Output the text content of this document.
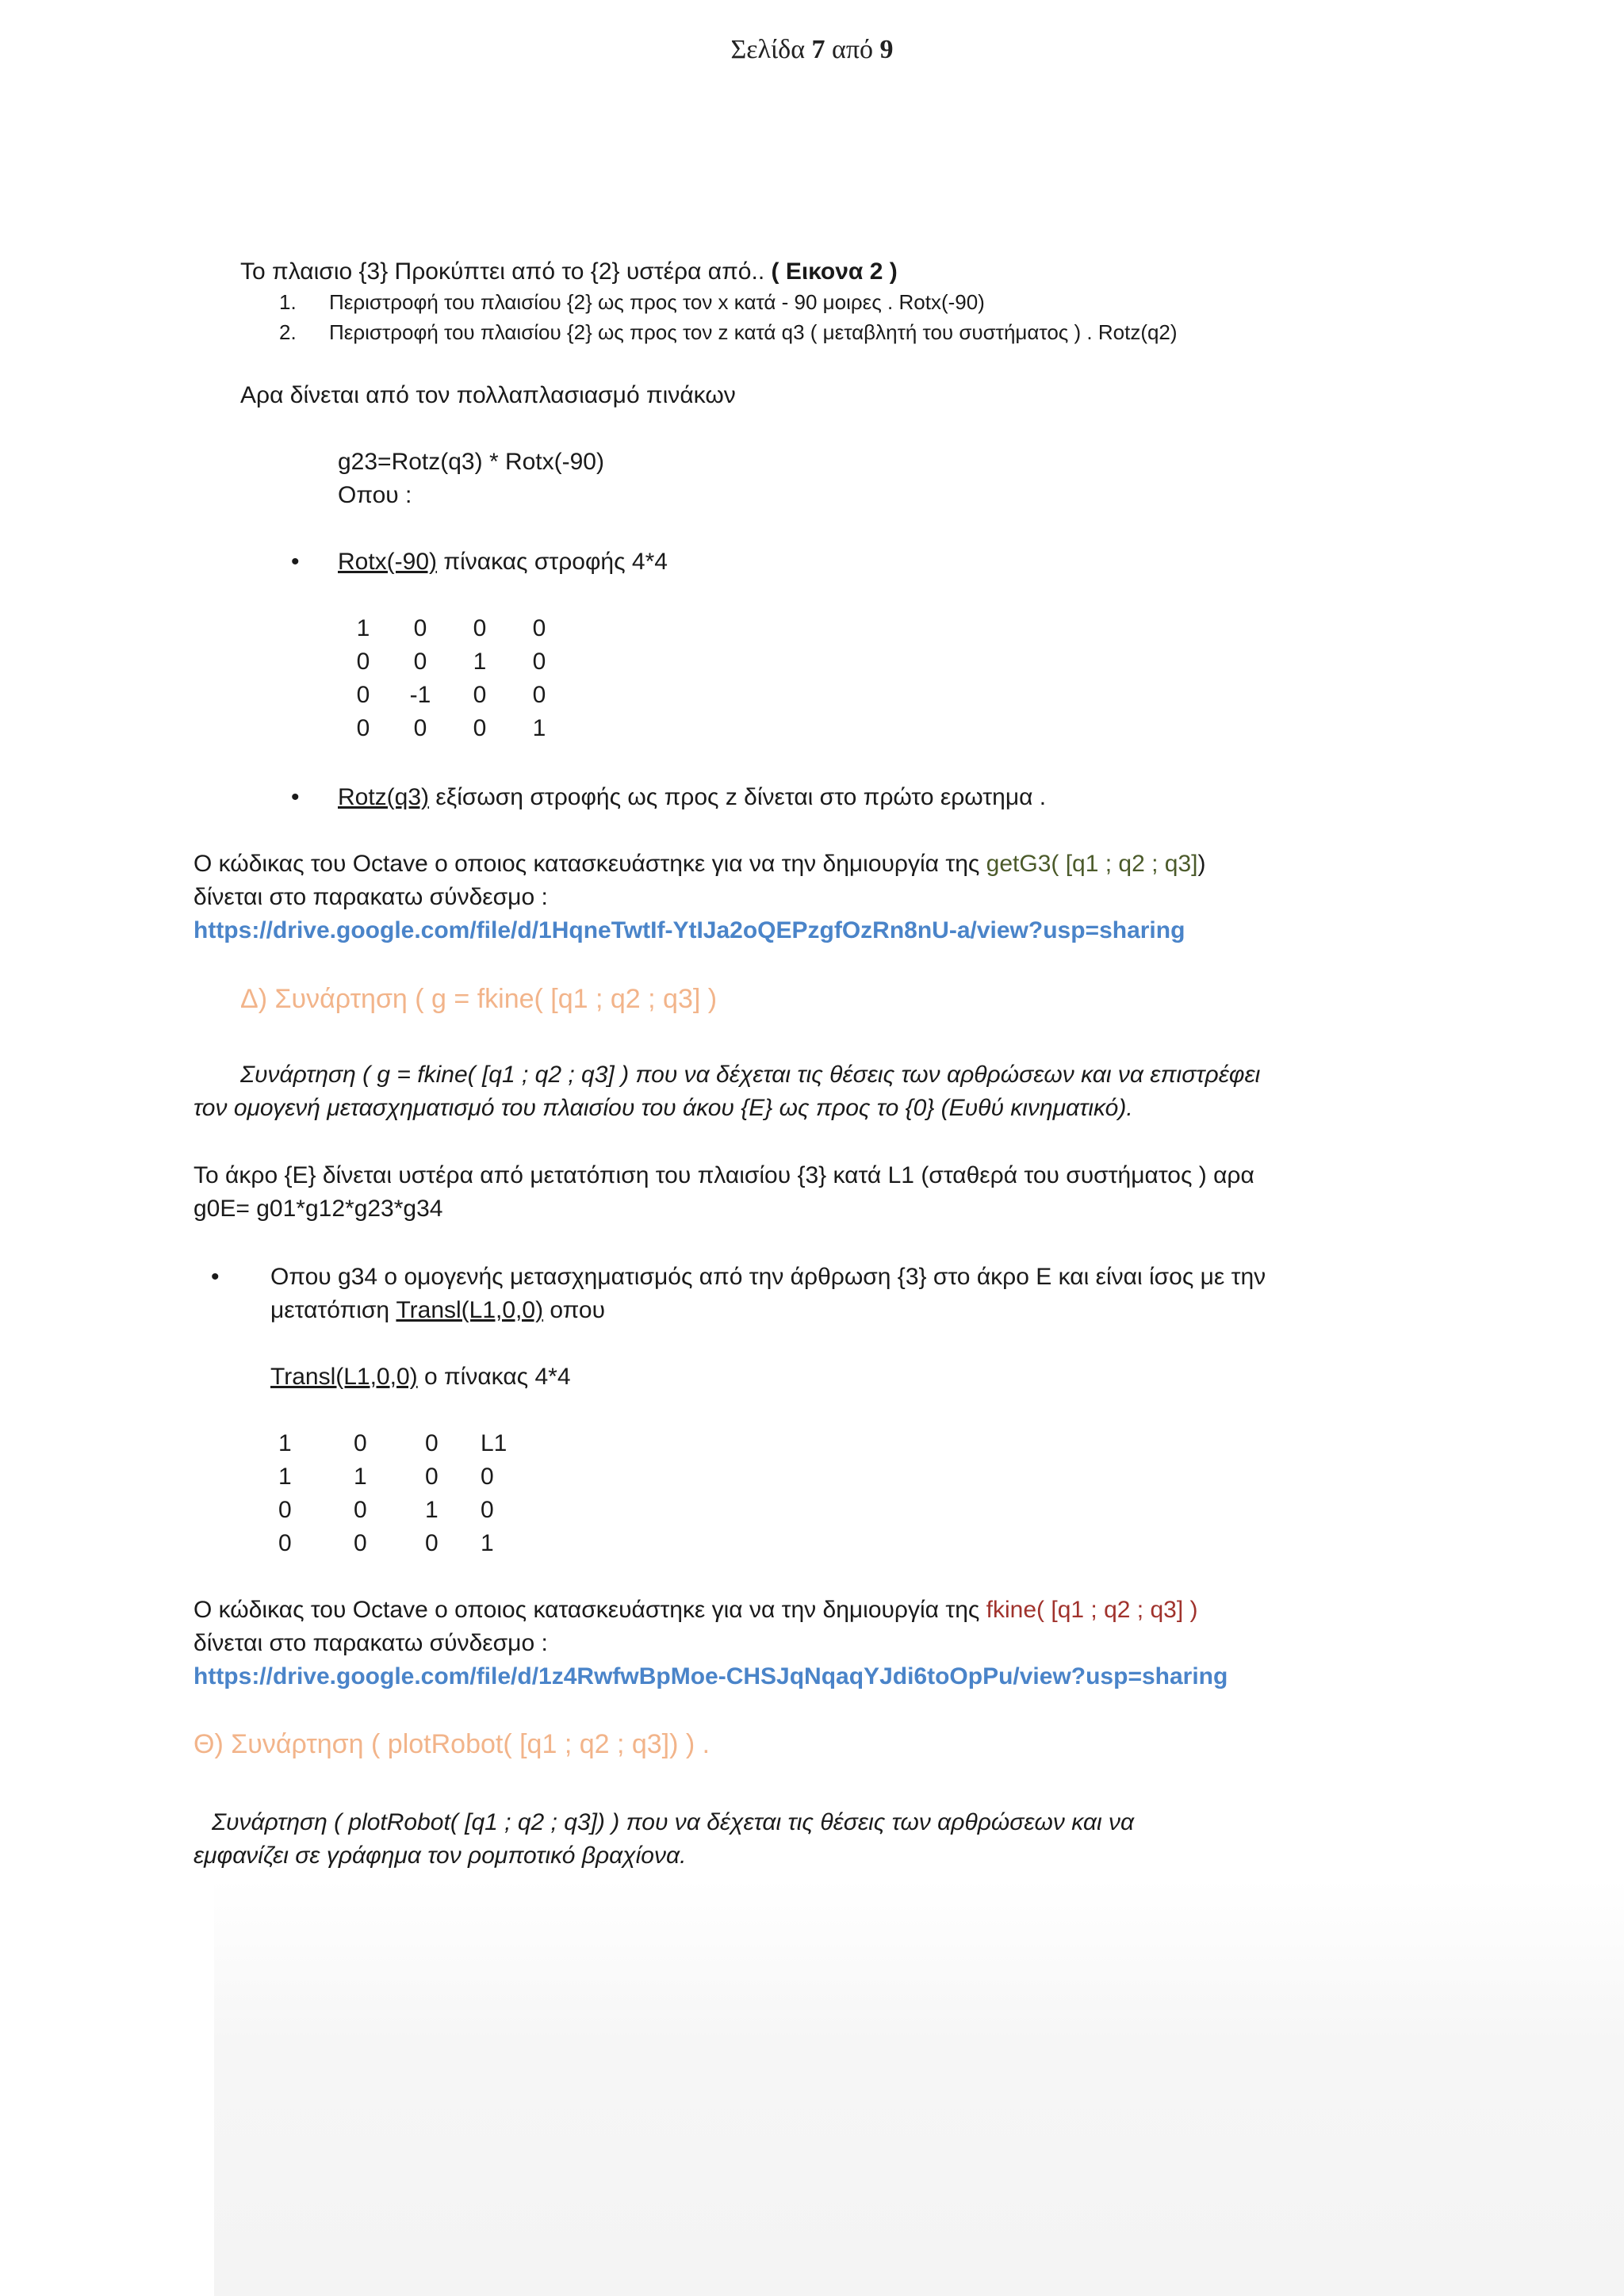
Σελίδα 7 από 9
Το πλαισιο {3} Προκύπτει από το {2} υστέρα από.. ( Εικονα 2 )
1. Περιστροφή του πλαισίου {2} ως προς τον x κατά - 90 μοιρες . Rotx(-90)
2. Περιστροφή του πλαισίου {2} ως προς τον z κατά q3 ( μεταβλητή του συστήματος ) . Rotz(q2)
Αρα δίνεται από τον πολλαπλασιασμό πινάκων
g23=Rotz(q3) * Rotx(-90)
Οπου :
• Rotx(-90) πίνακας στροφής 4*4
1	0	0	0
0	0	1	0
0	-1	0	0
0	0	0	1
• Rotz(q3) εξίσωση στροφής ως προς z δίνεται στο πρώτο ερωτημα .
Ο κώδικας του Octave ο οποιος κατασκευάστηκε για να την δημιουργία της getG3( [q1 ; q2 ; q3])
δίνεται στο παρακατω σύνδεσμο :
https://drive.google.com/file/d/1HqneTwtIf-YtIJa2oQEPzgfOzRn8nU-a/view?usp=sharing
Δ) Συνάρτηση ( g = fkine( [q1 ; q2 ; q3] )
Συνάρτηση ( g = fkine( [q1 ; q2 ; q3] ) που να δέχεται τις θέσεις των αρθρώσεων και να επιστρέφει
τον ομογενή μετασχηματισμό του πλαισίου του άκου {E} ως προς το {0} (Ευθύ κινηματικό).
Το άκρο {E} δίνεται υστέρα από μετατόπιση του πλαισίου {3} κατά L1 (σταθερά του συστήματος ) αρα
g0E= g01*g12*g23*g34
• Οπου g34 ο ομογενής μετασχηματισμός από την άρθρωση {3} στο άκρο E και είναι ίσος με την
μετατόπιση Transl(L1,0,0) οπου
Transl(L1,0,0) ο πίνακας 4*4
1	0	0	L1
1	1	0	0
0	0	1	0
0	0	0	1
Ο κώδικας του Octave ο οποιος κατασκευάστηκε για να την δημιουργία της fkine( [q1 ; q2 ; q3] )
δίνεται στο παρακατω σύνδεσμο :
https://drive.google.com/file/d/1z4RwfwBpMoe-CHSJqNqaqYJdi6toOpPu/view?usp=sharing
Θ) Συνάρτηση ( plotRobot( [q1 ; q2 ; q3]) ) .
Συνάρτηση ( plotRobot( [q1 ; q2 ; q3]) ) που να δέχεται τις θέσεις των αρθρώσεων και να
εμφανίζει σε γράφημα τον ρομποτικό βραχίονα.
